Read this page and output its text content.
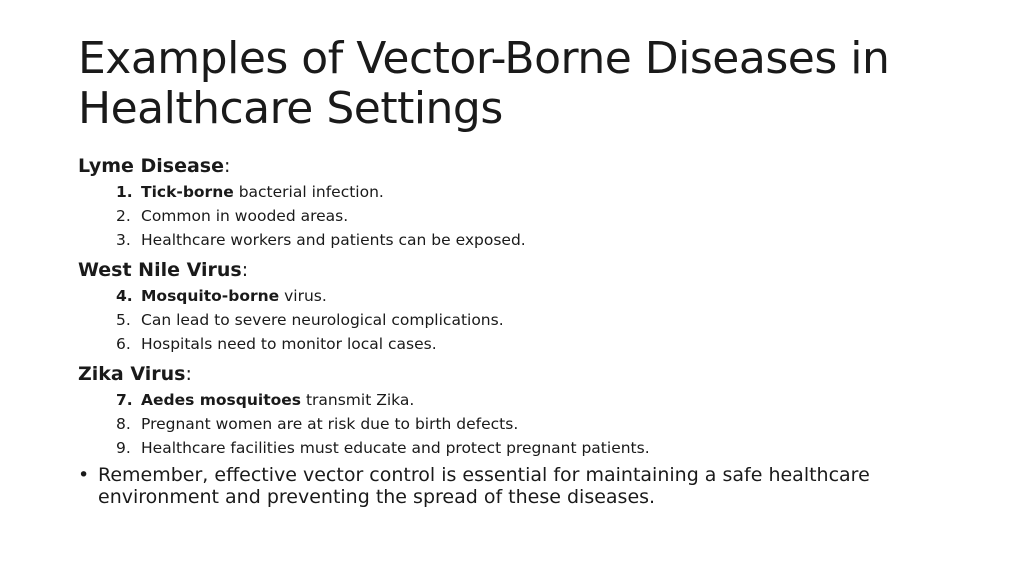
Examples of Vector-Borne Diseases in Healthcare Settings

Lyme Disease:

1. Tick-borne bacterial infection.
2. Common in wooded areas.
3. Healthcare workers and patients can be exposed.

West Nile Virus:

4. Mosquito-borne virus.
5. Can lead to severe neurological complications.
6. Hospitals need to monitor local cases.

Zika Virus:

7. Aedes mosquitoes transmit Zika.
8. Pregnant women are at risk due to birth defects.
9. Healthcare facilities must educate and protect pregnant patients.
• Remember, effective vector control is essential for maintaining a safe healthcare environment and preventing the spread of these diseases.
